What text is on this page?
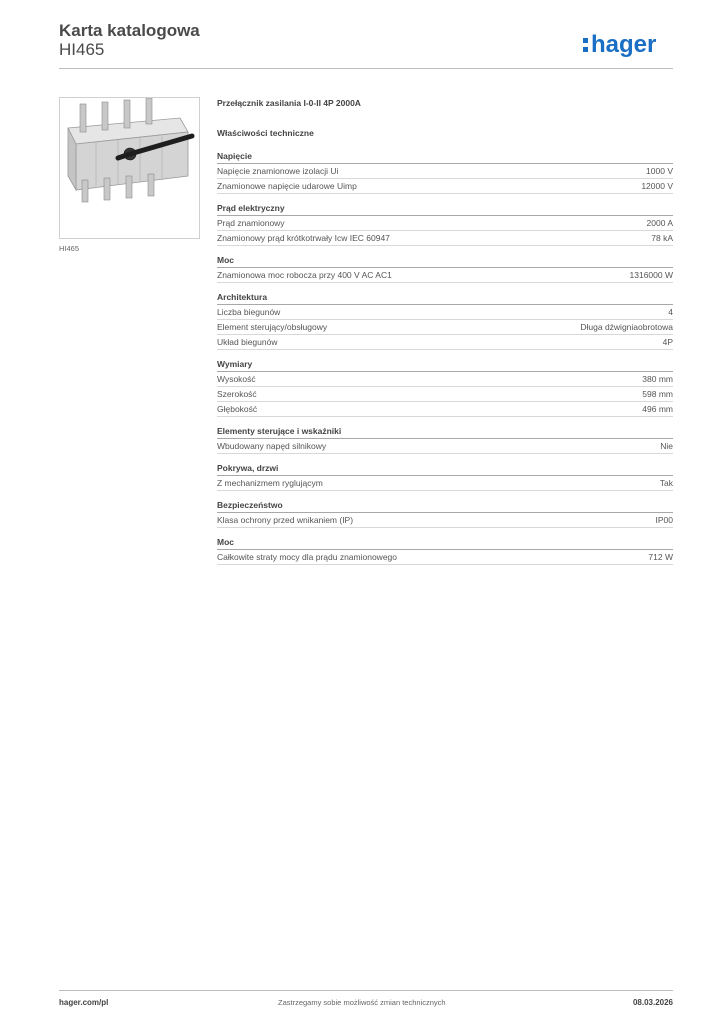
Karta katalogowa
HI465	hager
HI465
Przełącznik zasilania I-0-II 4P 2000A
Właściwości techniczne
Napięcie
Napięcie znamionowe izolacji Ui	1000 V
Znamionowe napięcie udarowe Uimp	12000 V
Prąd elektryczny
Prąd znamionowy	2000 A
Znamionowy prąd krótkotrwały Icw IEC 60947	78 kA
Moc
Znamionowa moc robocza przy 400 V AC AC1	1316000 W
Architektura
Liczba biegunów	4
Element sterujący/obsługowy	Długa dźwigniaobrotowa
Układ biegunów	4P
Wymiary
Wysokość	380 mm
Szerokość	598 mm
Głębokość	496 mm
Elementy sterujące i wskaźniki
Wbudowany napęd silnikowy	Nie
Pokrywa, drzwi
Z mechanizmem ryglującym	Tak
Bezpieczeństwo
Klasa ochrony przed wnikaniem (IP)	IP00
Moc
Całkowite straty mocy dla prądu znamionowego	712 W
hager.com/pl	Zastrzegamy sobie możliwość zmian technicznych	08.03.2026
